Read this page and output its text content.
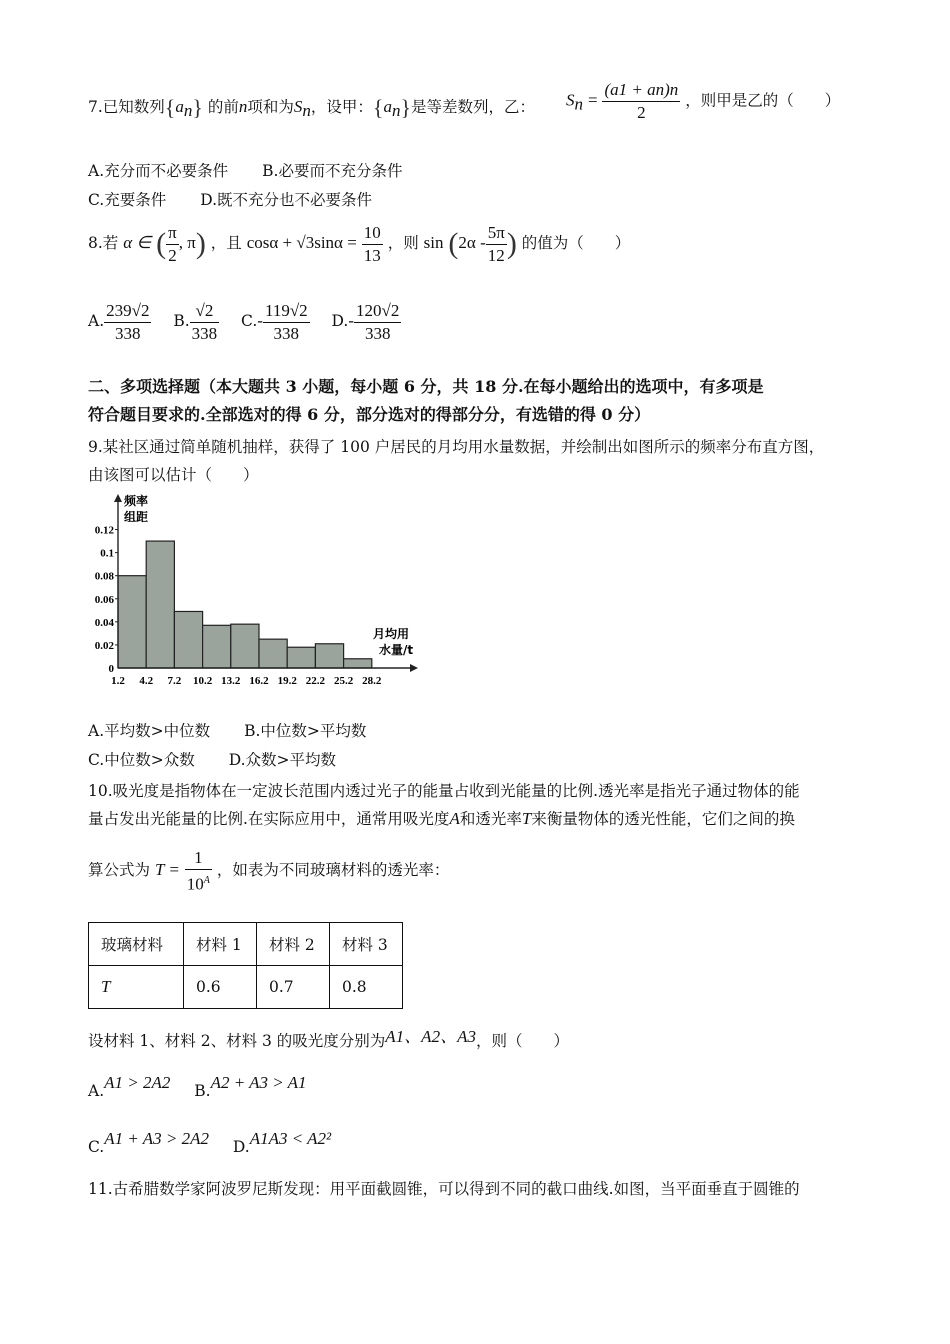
7.已知数列$\{a_n\}$ 的前n项和为$S_n$，设甲：$\{a_n\}$是等差数列，乙： $S_n = \frac{(a1 + an)n}{2}$ ，则甲是乙的（　　）
A.充分而不必要条件 B.必要而不充分条件
C.充要条件 D.既不充分也不必要条件
8.若 α ∈ ( $\frac{\pi}{2}$ , π) ，且 $\cos\alpha + √3\sin\alpha = \frac{10}{13}$ ，则 $\sin (2\alpha - \frac{5\pi}{12}$ ) 的值为（　　）
A. $\frac{239√2}{338} B$. $\frac{√2}{338} C.- \frac{119√2}{338} D.- \frac{120√2}{338}$
二、多项选择题（本大题共 3 小题，每小题 6 分，共 18 分.在每小题给出的选项中，有多项是
符合题目要求的.全部选对的得 6 分，部分选对的得部分分，有选错的得 0 分）
9.某社区通过简单随机抽样，获得了 100 户居民的月均用水量数据，并绘制出如图所示的频率分布直方图，
由该图可以估计（　　）
0
0.02
0.04
0.06
0.08
0.1
0.12
1.2 4.2 7.2 10.2 13.2 16.2 19.2 22.2 25.2 28.2
频率
组距
月均用
水量/t
A.平均数>中位数 B.中位数>平均数
C.中位数>众数 D.众数>平均数
10.吸光度是指物体在一定波长范围内透过光子的能量占收到光能量的比例.透光率是指光子通过物体的能
量占发出光能量的比例.在实际应用中，通常用吸光度A和透光率T来衡量物体的透光性能，它们之间的换
算公式为 $T = \frac{1}{10^A}$ ，如表为不同玻璃材料的透光率：
玻璃材料	材料 1	材料 2	材料 3
T	0.6	0.7	0.8
设材料 1、材料 2、材料 3 的吸光度分别为A1、A2、A3，则（　　）
A.A1 > 2A2 B.A2 + A3 > A1
C.A1 + A3 > 2A2 D.A1A3 < A2²
11.古希腊数学家阿波罗尼斯发现：用平面截圆锥，可以得到不同的截口曲线.如图，当平面垂直于圆锥的
